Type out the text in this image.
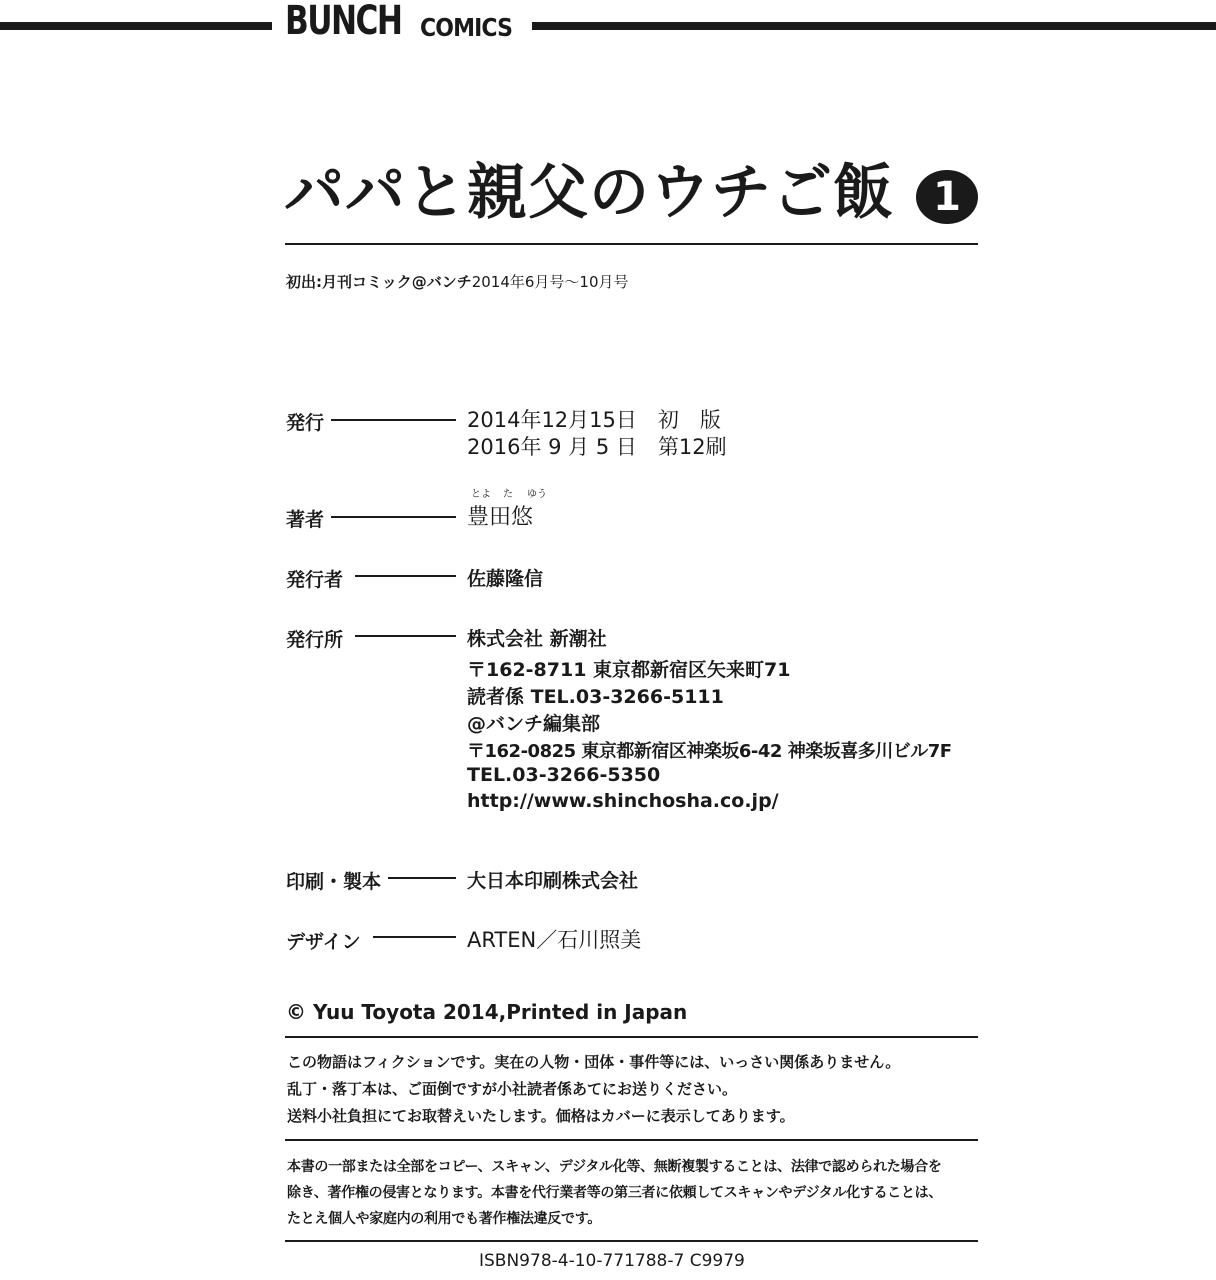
BUNCH COMICS
パパと親父のウチご飯 1
初出:月刊コミック@バンチ2014年6月号～10月号
発行	2014年12月15日　初　版
2016年 9 月 5 日　第12刷
とよ た ゆう
著者	豊田悠
発行者	佐藤隆信
発行所	株式会社 新潮社
〒162-8711 東京都新宿区矢来町71
読者係 TEL.03-3266-5111
@バンチ編集部
〒162-0825 東京都新宿区神楽坂6-42 神楽坂喜多川ビル7F
TEL.03-3266-5350
http://www.shinchosha.co.jp/
印刷・製本	大日本印刷株式会社
デザイン	ARTEN／石川照美
© Yuu Toyota 2014,Printed in Japan
この物語はフィクションです。実在の人物・団体・事件等には、いっさい関係ありません。
乱丁・落丁本は、ご面倒ですが小社読者係あてにお送りください。
送料小社負担にてお取替えいたします。価格はカバーに表示してあります。
本書の一部または全部をコピー、スキャン、デジタル化等、無断複製することは、法律で認められた場合を
除き、著作権の侵害となります。本書を代行業者等の第三者に依頼してスキャンやデジタル化することは、
たとえ個人や家庭内の利用でも著作権法違反です。
ISBN978-4-10-771788-7 C9979
